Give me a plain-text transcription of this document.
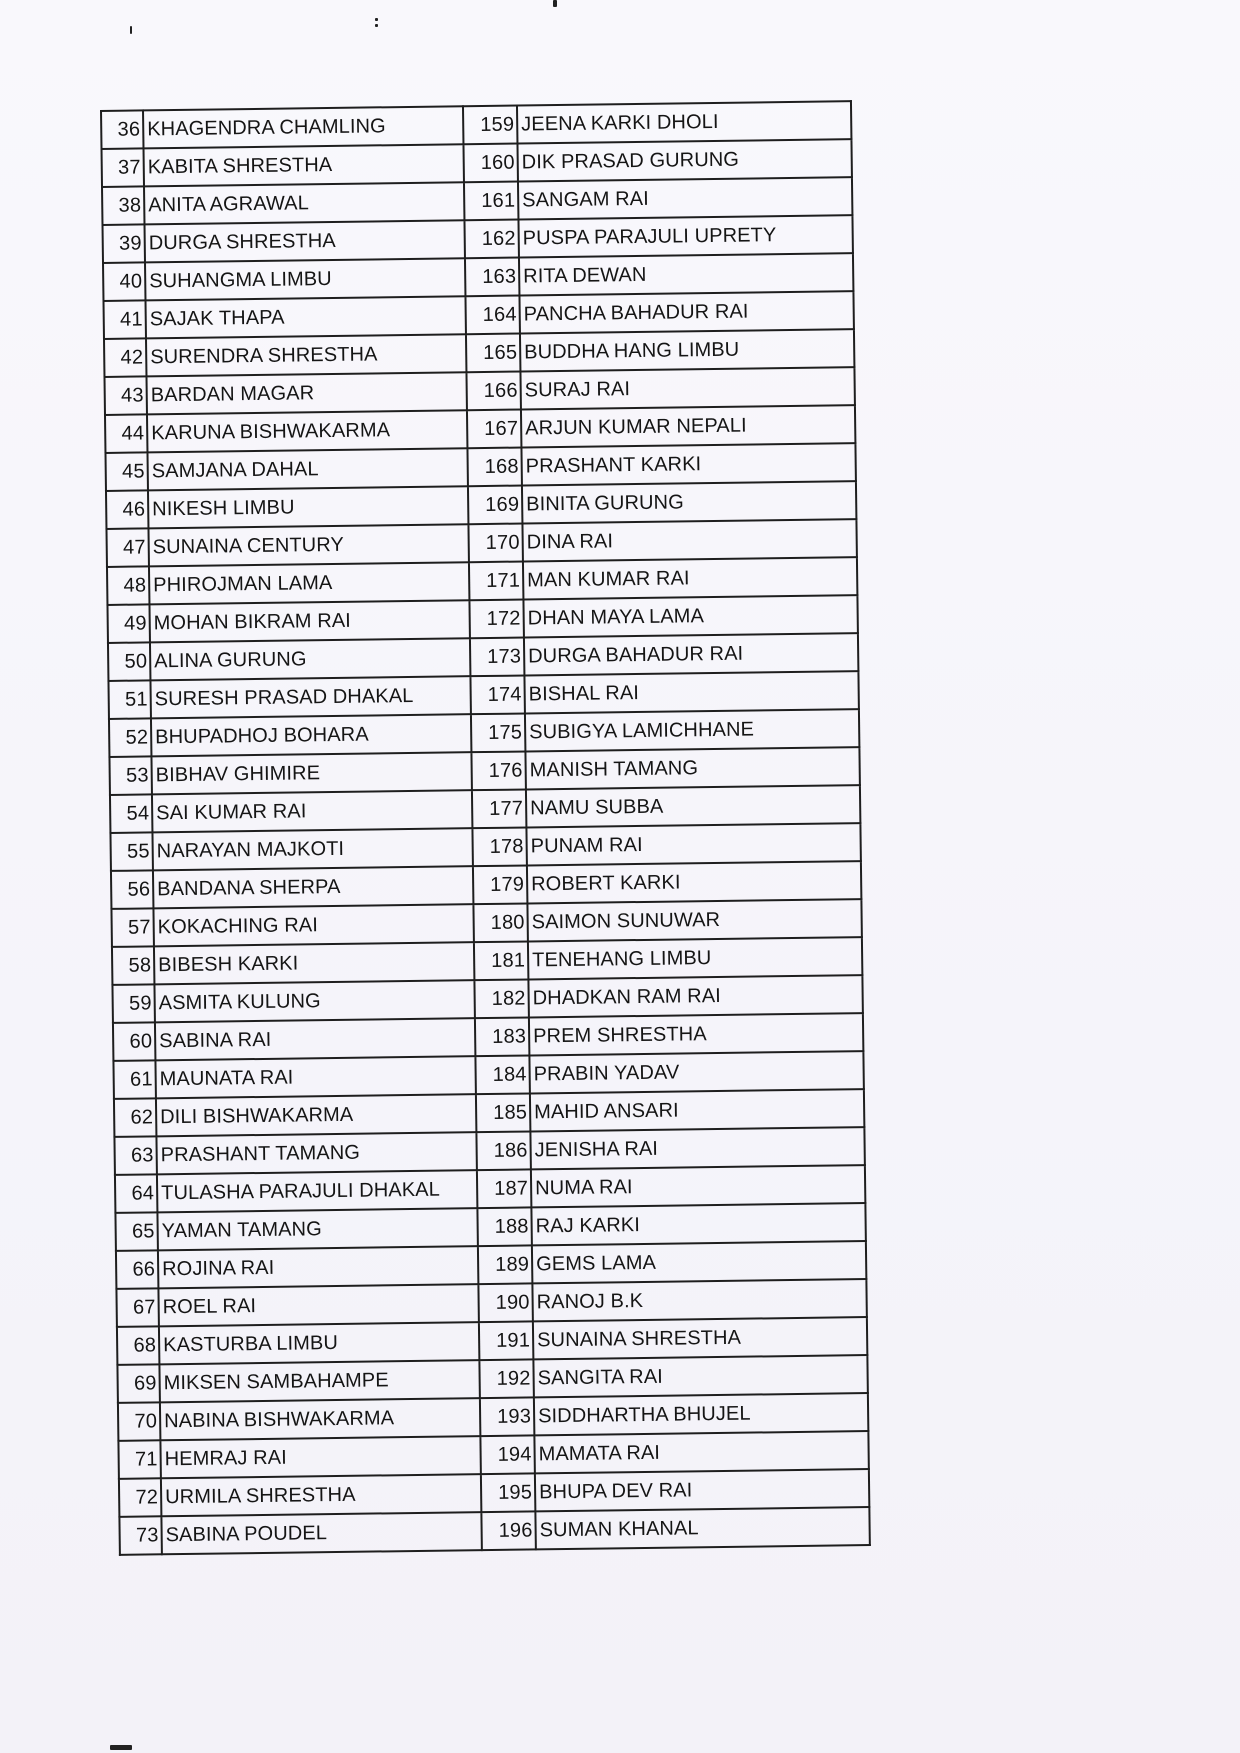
36	KHAGENDRA CHAMLING	159	JEENA KARKI DHOLI
37	KABITA SHRESTHA	160	DIK PRASAD GURUNG
38	ANITA AGRAWAL	161	SANGAM RAI
39	DURGA SHRESTHA	162	PUSPA PARAJULI UPRETY
40	SUHANGMA LIMBU	163	RITA DEWAN
41	SAJAK THAPA	164	PANCHA BAHADUR RAI
42	SURENDRA SHRESTHA	165	BUDDHA HANG LIMBU
43	BARDAN MAGAR	166	SURAJ RAI
44	KARUNA BISHWAKARMA	167	ARJUN KUMAR NEPALI
45	SAMJANA DAHAL	168	PRASHANT KARKI
46	NIKESH LIMBU	169	BINITA GURUNG
47	SUNAINA CENTURY	170	DINA RAI
48	PHIROJMAN LAMA	171	MAN KUMAR RAI
49	MOHAN BIKRAM RAI	172	DHAN MAYA LAMA
50	ALINA GURUNG	173	DURGA BAHADUR RAI
51	SURESH PRASAD DHAKAL	174	BISHAL RAI
52	BHUPADHOJ BOHARA	175	SUBIGYA LAMICHHANE
53	BIBHAV GHIMIRE	176	MANISH TAMANG
54	SAI KUMAR RAI	177	NAMU SUBBA
55	NARAYAN MAJKOTI	178	PUNAM RAI
56	BANDANA SHERPA	179	ROBERT KARKI
57	KOKACHING RAI	180	SAIMON SUNUWAR
58	BIBESH KARKI	181	TENEHANG LIMBU
59	ASMITA KULUNG	182	DHADKAN RAM RAI
60	SABINA RAI	183	PREM SHRESTHA
61	MAUNATA RAI	184	PRABIN YADAV
62	DILI BISHWAKARMA	185	MAHID ANSARI
63	PRASHANT TAMANG	186	JENISHA RAI
64	TULASHA PARAJULI DHAKAL	187	NUMA RAI
65	YAMAN TAMANG	188	RAJ KARKI
66	ROJINA RAI	189	GEMS LAMA
67	ROEL RAI	190	RANOJ B.K
68	KASTURBA LIMBU	191	SUNAINA SHRESTHA
69	MIKSEN SAMBAHAMPE	192	SANGITA RAI
70	NABINA BISHWAKARMA	193	SIDDHARTHA BHUJEL
71	HEMRAJ RAI	194	MAMATA RAI
72	URMILA SHRESTHA	195	BHUPA DEV RAI
73	SABINA POUDEL	196	SUMAN KHANAL
